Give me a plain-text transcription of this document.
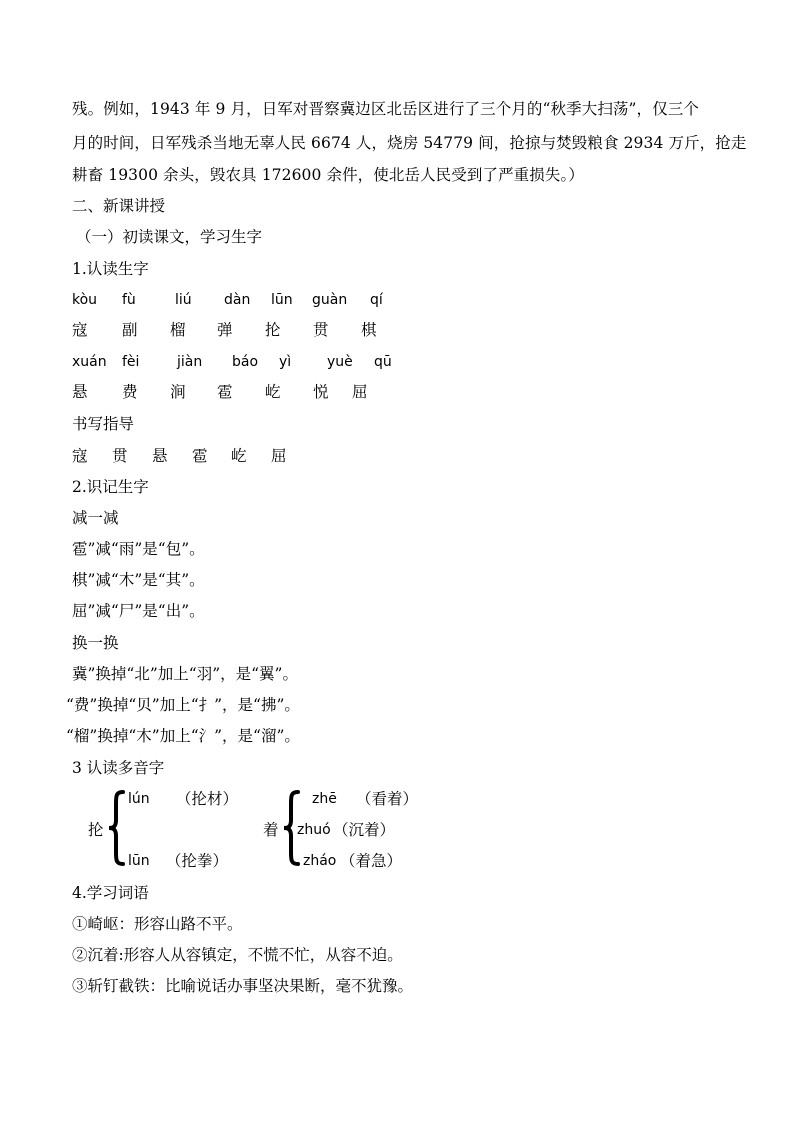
残。例如，1943 年 9 月，日军对晋察冀边区北岳区进行了三个月的“秋季大扫荡”，仅三个
月的时间，日军残杀当地无辜人民 6674 人，烧房 54779 间，抢掠与焚毁粮食 2934 万斤，抢走
耕畜 19300 余头，毁农具 172600 余件，使北岳人民受到了严重损失。）
二、新课讲授
（一）初读课文，学习生字
1.认读生字
kòu fù	liú dàn lūn guàn qí
寇 副 榴 弹 抡 贯 棋
xuán fèi	jiàn báo yì	yuè qū
悬 费 涧 雹 屹 悦 屈
书写指导
寇 贯 悬 雹 屹 屈
2.识记生字
减一减
雹”减“雨”是“包”。
棋”减“木”是“其”。
屈”减“尸”是“出”。
换一换
冀”换掉“北”加上“羽”，是“翼”。
“费”换掉“贝”加上“扌”，是“拂”。
“榴”换掉“木”加上“氵”，是“溜”。
3 认读多音字
抡
lún （抡材）
lūn （抡拳）
着
zhē （看着）
zhuó （沉着）
zháo （着急）
4.学习词语
①崎岖：形容山路不平。
②沉着:形容人从容镇定，不慌不忙，从容不迫。
③斩钉截铁：比喻说话办事坚决果断，毫不犹豫。
